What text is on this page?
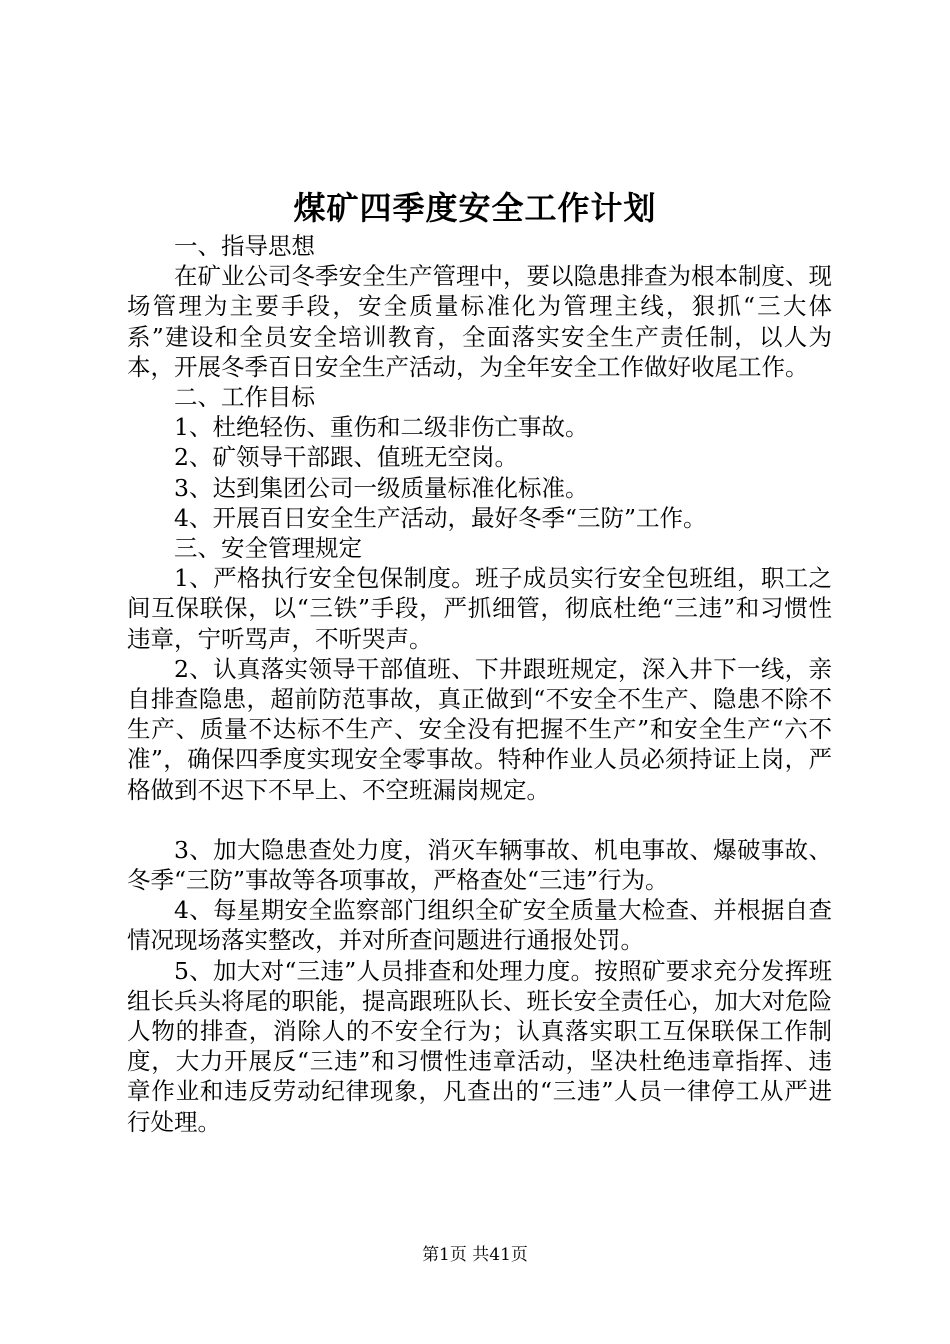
煤矿四季度安全工作计划

一、指导思想

在矿业公司冬季安全生产管理中，要以隐患排查为根本制度、现场管理为主要手段，安全质量标准化为管理主线，狠抓“三大体系”建设和全员安全培训教育，全面落实安全生产责任制，以人为本，开展冬季百日安全生产活动，为全年安全工作做好收尾工作。

二、工作目标

1、杜绝轻伤、重伤和二级非伤亡事故。

2、矿领导干部跟、值班无空岗。

3、达到集团公司一级质量标准化标准。

4、开展百日安全生产活动，最好冬季“三防”工作。

三、安全管理规定

1、严格执行安全包保制度。班子成员实行安全包班组，职工之间互保联保，以“三铁”手段，严抓细管，彻底杜绝“三违”和习惯性违章，宁听骂声，不听哭声。

2、认真落实领导干部值班、下井跟班规定，深入井下一线，亲自排查隐患，超前防范事故，真正做到“不安全不生产、隐患不除不生产、质量不达标不生产、安全没有把握不生产”和安全生产“六不准”，确保四季度实现安全零事故。特种作业人员必须持证上岗，严格做到不迟下不早上、不空班漏岗规定。

3、加大隐患查处力度，消灭车辆事故、机电事故、爆破事故、冬季“三防”事故等各项事故，严格查处“三违”行为。

4、每星期安全监察部门组织全矿安全质量大检查、并根据自查情况现场落实整改，并对所查问题进行通报处罚。

5、加大对“三违”人员排查和处理力度。按照矿要求充分发挥班组长兵头将尾的职能，提高跟班队长、班长安全责任心，加大对危险人物的排查，消除人的不安全行为；认真落实职工互保联保工作制度，大力开展反“三违”和习惯性违章活动，坚决杜绝违章指挥、违章作业和违反劳动纪律现象，凡查出的“三违”人员一律停工从严进行处理。

第1页 共41页
